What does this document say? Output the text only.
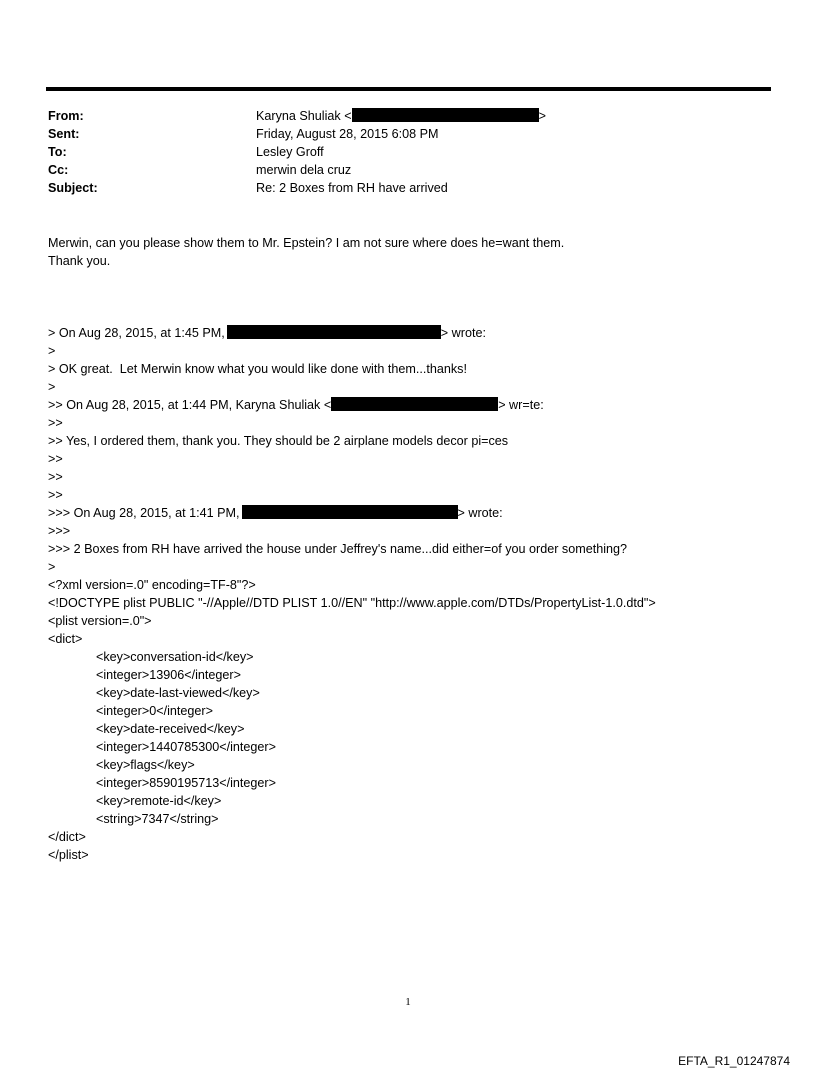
From:	Karyna Shuliak <	>
Sent:	Friday, August 28, 2015 6:08 PM
To:	Lesley Groff
Cc:	merwin dela cruz
Subject:	Re: 2 Boxes from RH have arrived
Merwin, can you please show them to Mr. Epstein? I am not sure where does he=want them.
Thank you.
> On Aug 28, 2015, at 1:45 PM,	> wrote:
>
> OK great.  Let Merwin know what you would like done with them...thanks!
>
>> On Aug 28, 2015, at 1:44 PM, Karyna Shuliak <	> wr=te:
>>
>> Yes, I ordered them, thank you. They should be 2 airplane models decor pi=ces
>>
>>
>>
>>> On Aug 28, 2015, at 1:41 PM,	> wrote:
>>>
>>> 2 Boxes from RH have arrived the house under Jeffrey's name...did either=of you order something?
>
<?xml version=.0" encoding=TF-8"?>
<!DOCTYPE plist PUBLIC "-//Apple//DTD PLIST 1.0//EN" "http://www.apple.com/DTDs/PropertyList-1.0.dtd">
<plist version=.0">
<dict>
<key>conversation-id</key>
<integer>13906</integer>
<key>date-last-viewed</key>
<integer>0</integer>
<key>date-received</key>
<integer>1440785300</integer>
<key>flags</key>
<integer>8590195713</integer>
<key>remote-id</key>
<string>7347</string>
</dict>
</plist>
1
EFTA_R1_01247874
